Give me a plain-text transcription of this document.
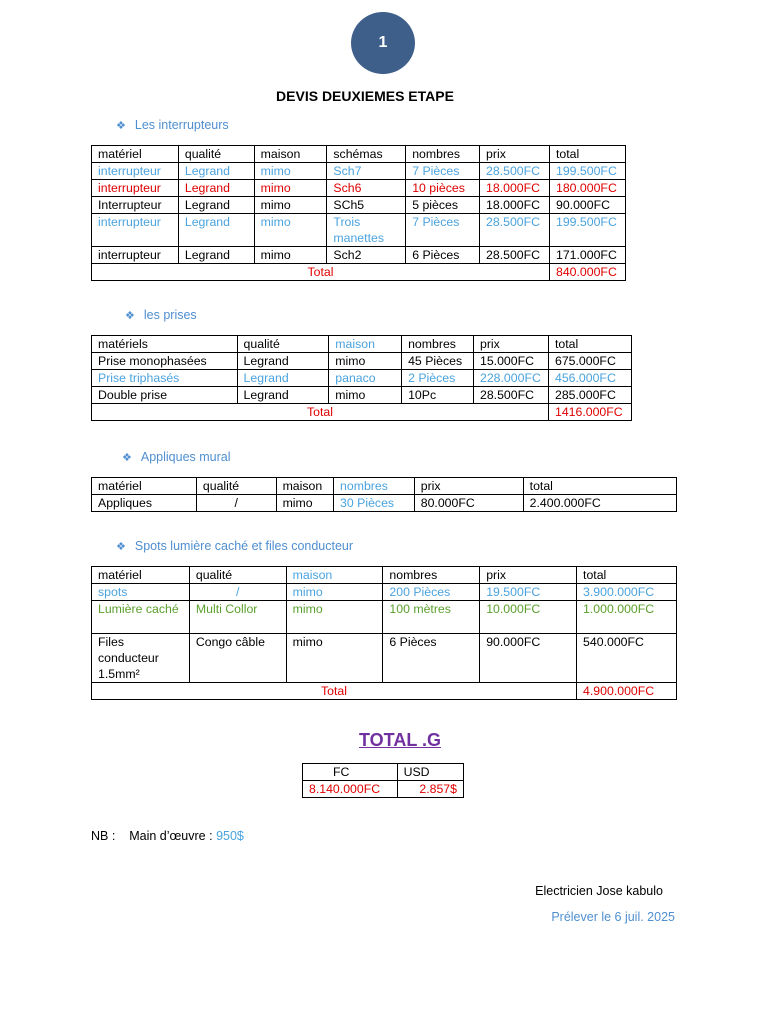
1
DEVIS DEUXIEMES ETAPE
❖ Les interrupteurs
matériel	qualité	maison	schémas	nombres	prix	total
interrupteur	Legrand	mimo	Sch7	7 Pièces	28.500FC	199.500FC
interrupteur	Legrand	mimo	Sch6	10 pièces	18.000FC	180.000FC
Interrupteur	Legrand	mimo	SCh5	5 pièces	18.000FC	90.000FC
interrupteur	Legrand	mimo	Trois manettes	7 Pièces	28.500FC	199.500FC
interrupteur	Legrand	mimo	Sch2	6 Pièces	28.500FC	171.000FC
Total						840.000FC
❖ les prises
matériels	qualité	maison	nombres	prix	total
Prise monophasées	Legrand	mimo	45 Pièces	15.000FC	675.000FC
Prise triphasés	Legrand	panaco	2 Pièces	228.000FC	456.000FC
Double prise	Legrand	mimo	10Pc	28.500FC	285.000FC
Total					1416.000FC
❖ Appliques mural
matériel	qualité	maison	nombres	prix	total
Appliques	/	mimo	30 Pièces	80.000FC	2.400.000FC
❖ Spots lumière caché et files conducteur
matériel	qualité	maison	nombres	prix	total
spots	/	mimo	200 Pièces	19.500FC	3.900.000FC
Lumière caché	Multi Collor	mimo	100 mètres	10.000FC	1.000.000FC
Files conducteur 1.5mm²	Congo câble	mimo	6 Pièces	90.000FC	540.000FC
Total					4.900.000FC
TOTAL .G
FC	USD
8.140.000FC	2.857$
NB : Main d’œuvre : 950$
Electricien Jose kabulo
Prélever le 6 juil. 2025
